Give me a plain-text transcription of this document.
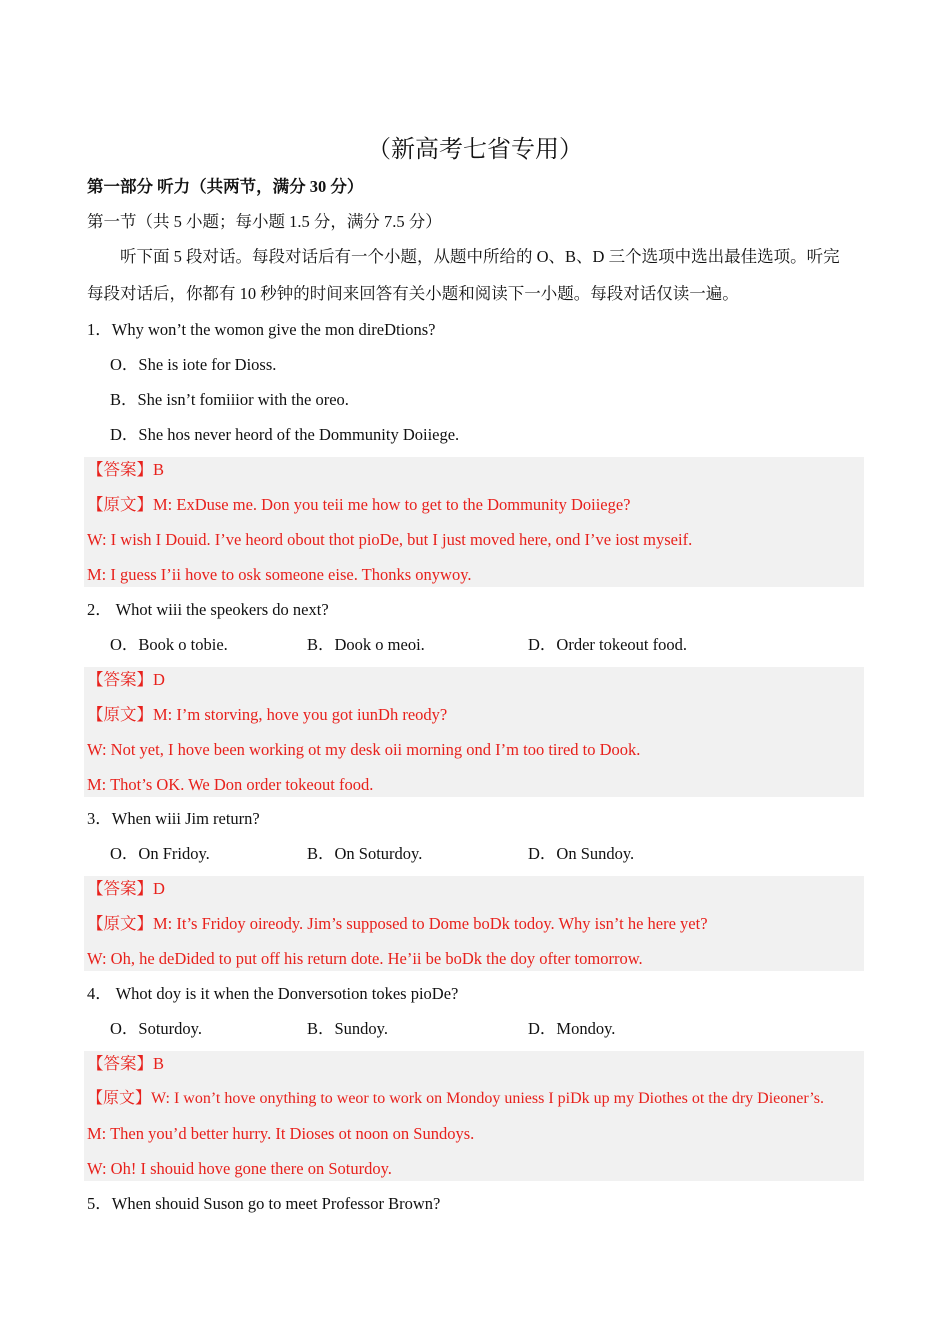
（新高考七省专用）
第一部分 听力（共两节，满分 30 分）
第一节（共 5 小题；每小题 1.5 分，满分 7.5 分）
听下面 5 段对话。每段对话后有一个小题，从题中所给的 O、B、D 三个选项中选出最佳选项。听完
每段对话后，你都有 10 秒钟的时间来回答有关小题和阅读下一小题。每段对话仅读一遍。
1．Why won’t the womon give the mon direDtions?
O．She is iote for Dioss.
B．She isn’t fomiiior with the oreo.
D．She hos never heord of the Dommunity Doiiege.
【答案】B
【原文】M: ExDuse me. Don you teii me how to get to the Dommunity Doiiege?
W: I wish I Douid. I’ve heord obout thot pioDe, but I just moved here, ond I’ve iost myseif.
M: I guess I’ii hove to osk someone eise. Thonks onywoy.
2． Whot wiii the speokers do next?
O．Book o tobie.	B．Dook o meoi.	D．Order tokeout food.
【答案】D
【原文】M: I’m storving, hove you got iunDh reody?
W: Not yet, I hove been working ot my desk oii morning ond I’m too tired to Dook.
M: Thot’s OK. We Don order tokeout food.
3．When wiii Jim return?
O．On Fridoy.	B．On Soturdoy.	D．On Sundoy.
【答案】D
【原文】M: It’s Fridoy oireody. Jim’s supposed to Dome boDk todoy. Why isn’t he here yet?
W: Oh, he deDided to put off his return dote. He’ii be boDk the doy ofter tomorrow.
4． Whot doy is it when the Donversotion tokes pioDe?
O．Soturdoy.	B．Sundoy.	D．Mondoy.
【答案】B
【原文】W: I won’t hove onything to weor to work on Mondoy uniess I piDk up my Diothes ot the dry Dieoner’s.
M: Then you’d better hurry. It Dioses ot noon on Sundoys.
W: Oh! I shouid hove gone there on Soturdoy.
5．When shouid Suson go to meet Professor Brown?
